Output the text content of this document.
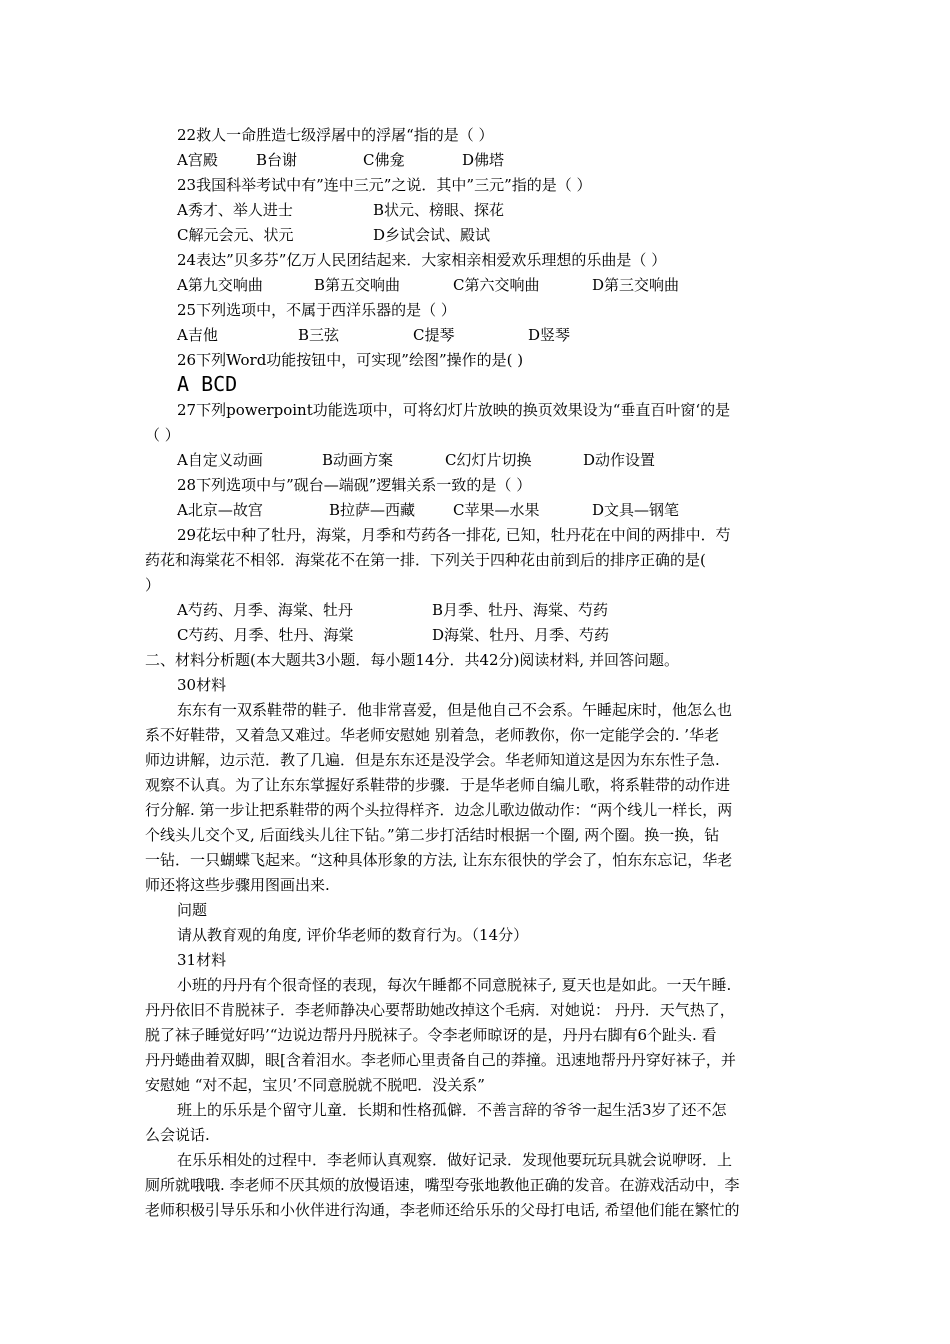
22救人一命胜造七级浮屠中的浮屠“指的是（ ）
A宫殿	B台谢	C佛龛	D佛塔
23我国科举考试中有”连中三元”之说．其中”三元”指的是（ ）
A秀才、举人进士	B状元、榜眼、探花
C解元会元、状元	D乡试会试、殿试
24表达”贝多芬”亿万人民团结起来．大家相亲相爱欢乐理想的乐曲是（ ）
A第九交响曲	B第五交响曲	C第六交响曲	D第三交响曲
25下列选项中，不属于西洋乐器的是（ ）
A吉他	B三弦	C提琴	D竖琴
26下列Word功能按钮中，可实现”绘图”操作的是( )
A BCD
27下列powerpoint功能选项中，可将幻灯片放映的换页效果设为“垂直百叶窗‘的是
（ ）
A自定义动画	B动画方案	C幻灯片切换	D动作设置
28下列选项中与”砚台—端砚”逻辑关系一致的是（ ）
A北京—故宫	B拉萨—西藏	C苹果—水果	D文具—钢笔
29花坛中种了牡丹，海棠，月季和芍药各一排花, 已知，牡丹花在中间的两排中．芍
药花和海棠花不相邻．海棠花不在第一排．下列关于四种花由前到后的排序正确的是(
）
A芍药、月季、海棠、牡丹	B月季、牡丹、海棠、芍药
C芍药、月季、牡丹、海棠	D海棠、牡丹、月季、芍药
二、材料分析题(本大题共3小题．每小题14分．共42分)阅读材料, 并回答问题。
30材料
东东有一双系鞋带的鞋子．他非常喜爱，但是他自己不会系。午睡起床时，他怎么也
系不好鞋带，又着急又难过。华老师安慰她 别着急，老师教你，你一定能学会的. ’华老
师边讲解，边示范．教了几遍．但是东东还是没学会。华老师知道这是因为东东性子急.
观察不认真。为了让东东掌握好系鞋带的步骤．于是华老师自编儿歌，将系鞋带的动作进
行分解. 第一步让把系鞋带的两个头拉得样齐．边念儿歌边做动作：“两个线儿一样长，两
个线头儿交个叉, 后面线头儿往下钻。”第二步打活结时根据一个圈, 两个圈。换一换，钻
一钻．一只蝴蝶飞起来。“这种具体形象的方法, 让东东很快的学会了，怕东东忘记，华老
师还将这些步骤用图画出来.
问题
请从教育观的角度, 评价华老师的数育行为。（14分）
31材料
小班的丹丹有个很奇怪的表现，每次午睡都不同意脱袜子, 夏天也是如此。一天午睡.
丹丹依旧不肯脱袜子．李老师静决心要帮助她改掉这个毛病．对她说： 丹丹．天气热了，
脱了袜子睡觉好吗’“边说边帮丹丹脱袜子。令李老师晾讶的是，丹丹右脚有6个趾头. 看
丹丹蜷曲着双脚，眼[含着泪水。李老师心里责备自己的莽撞。迅速地帮丹丹穿好袜子，并
安慰她 “对不起，宝贝’不同意脱就不脱吧．没关系”
班上的乐乐是个留守儿童．长期和性格孤僻．不善言辞的爷爷一起生活3岁了还不怎
么会说话.
在乐乐相处的过程中．李老师认真观察．做好记录．发现他要玩玩具就会说咿呀．上
厕所就哦哦. 李老师不厌其烦的放慢语速，嘴型夸张地教他正确的发音。在游戏活动中，李
老师积极引导乐乐和小伙伴进行沟通，李老师还给乐乐的父母打电话, 希望他们能在繁忙的
